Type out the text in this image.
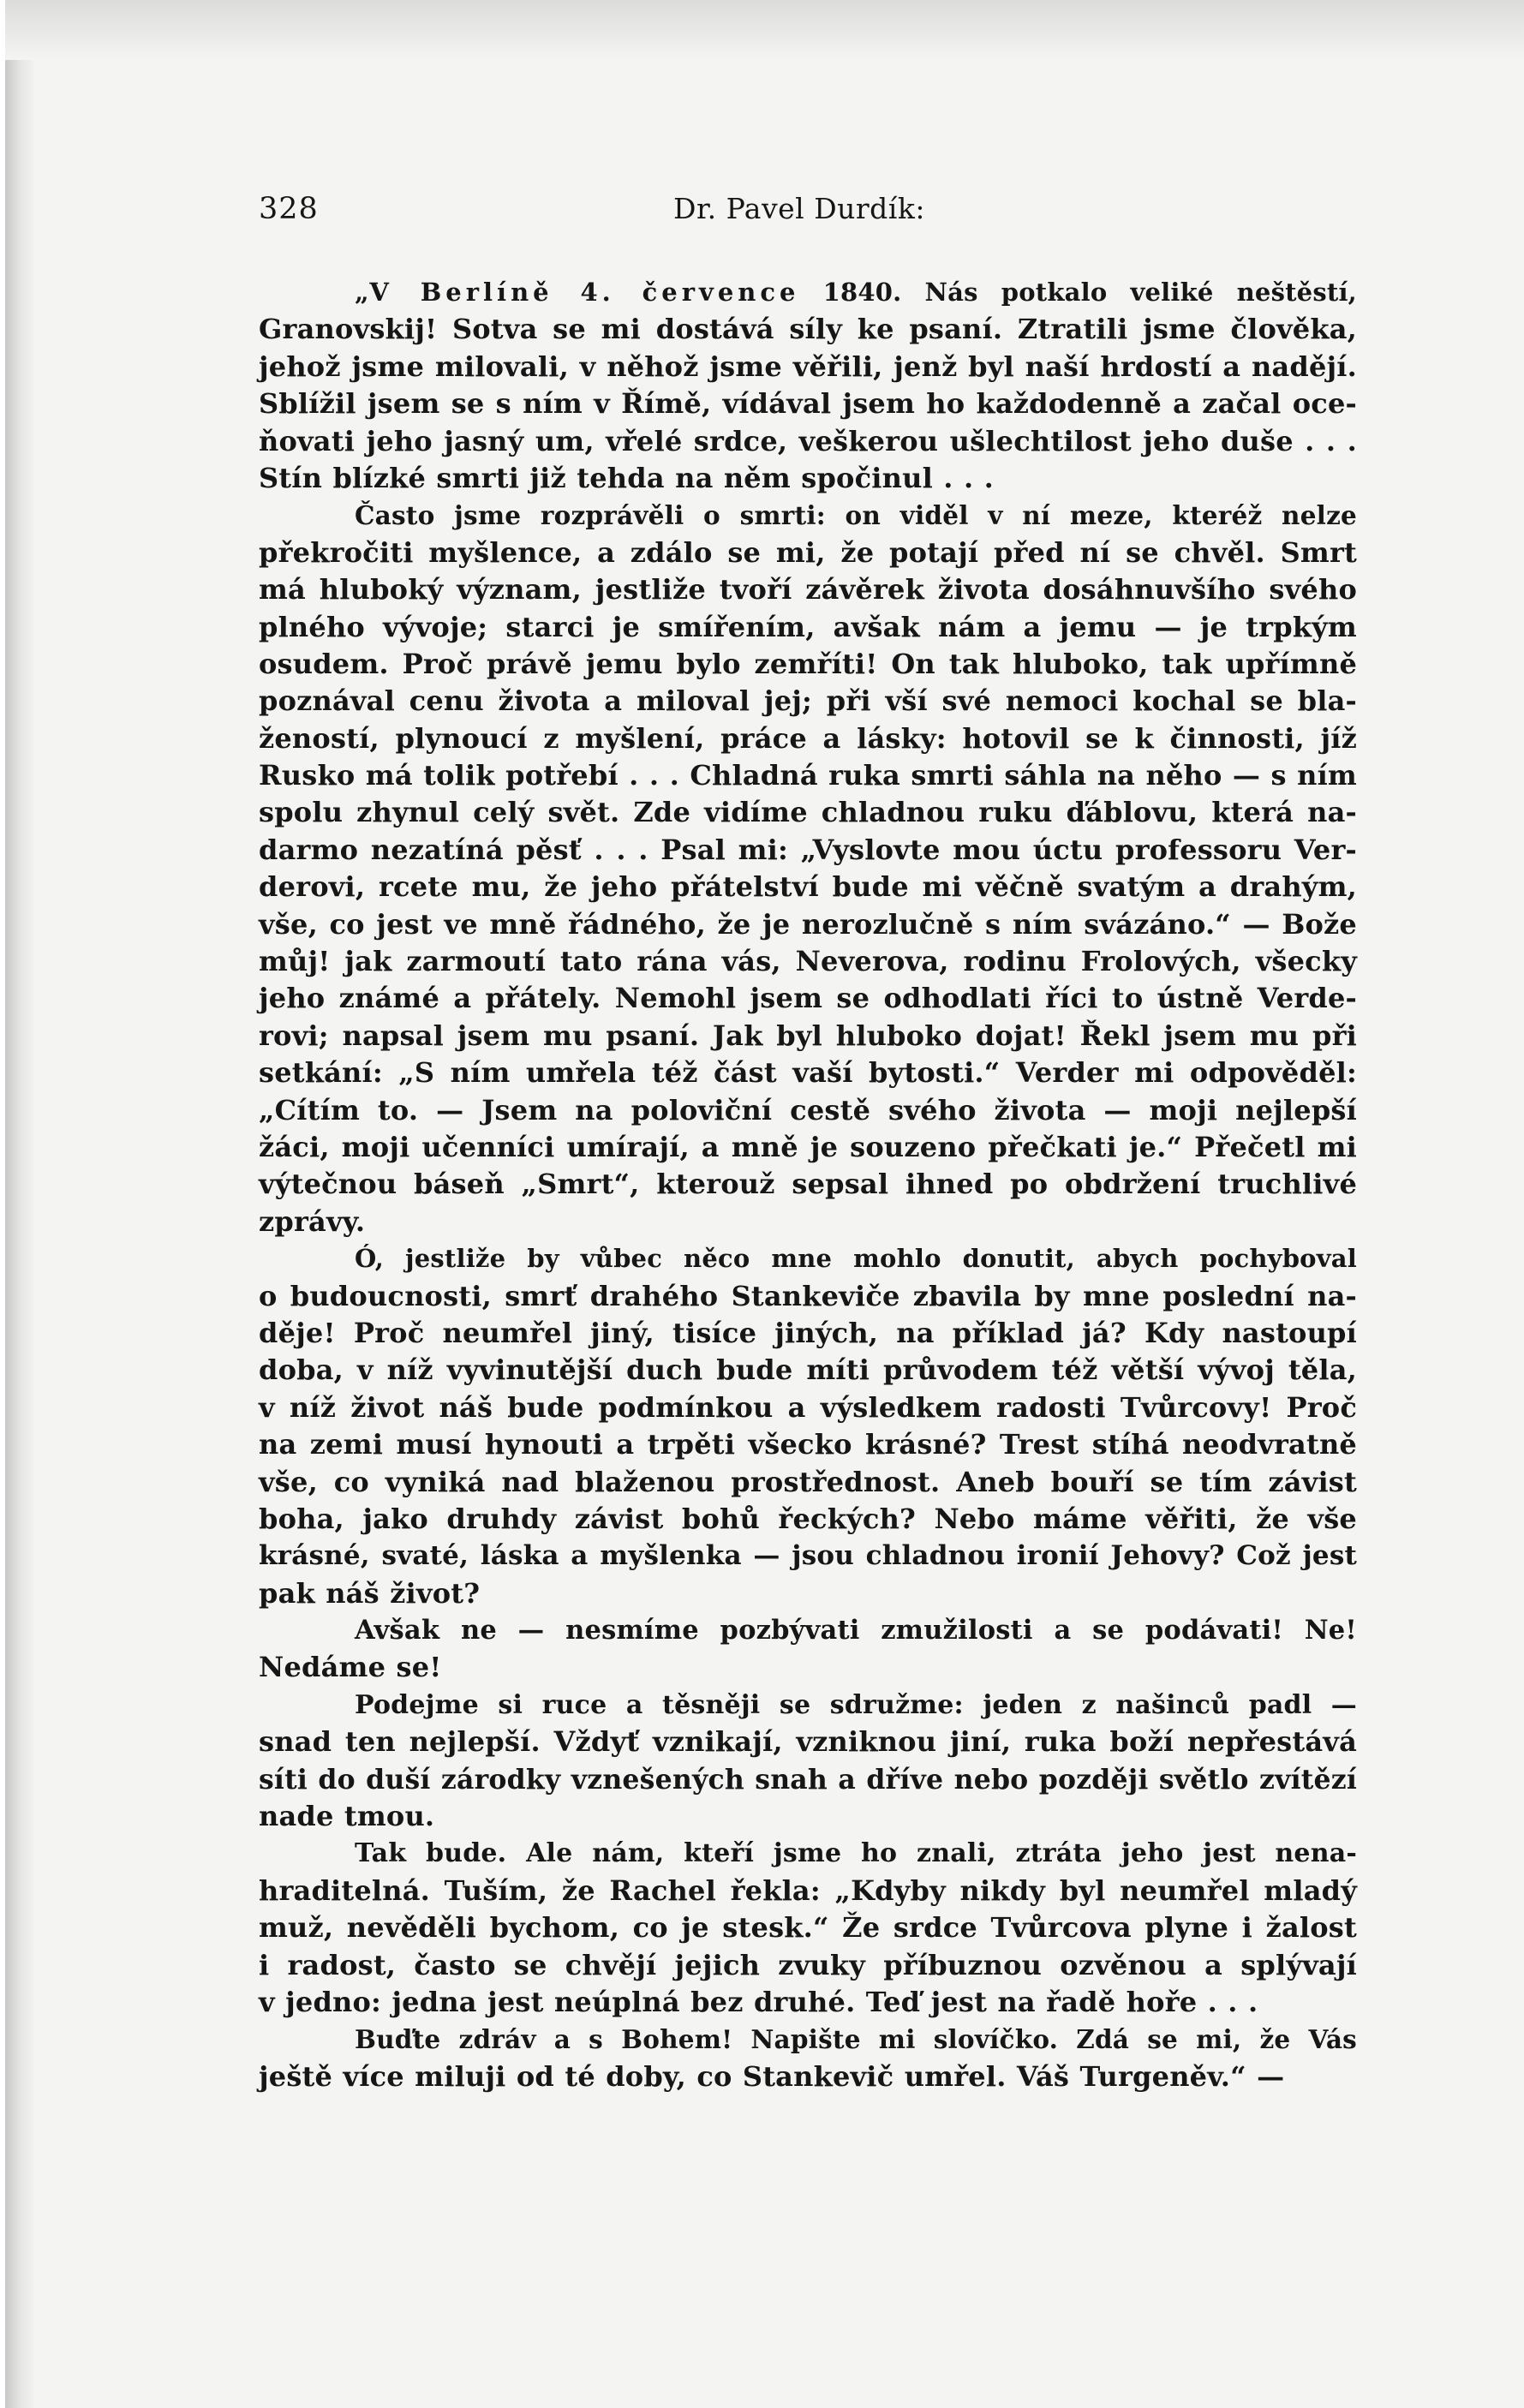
328	Dr. Pavel Durdík:
„V Berlíně 4. července 1840. Nás potkalo veliké neštěstí,
Granovskij! Sotva se mi dostává síly ke psaní. Ztratili jsme člověka,
jehož jsme milovali, v něhož jsme věřili, jenž byl naší hrdostí a nadějí.
Sblížil jsem se s ním v Římě, vídával jsem ho každodenně a začal oce-
ňovati jeho jasný um, vřelé srdce, veškerou ušlechtilost jeho duše . . .
Stín blízké smrti již tehda na něm spočinul . . .
Často jsme rozprávěli o smrti: on viděl v ní meze, kteréž nelze
překročiti myšlence, a zdálo se mi, že potají před ní se chvěl. Smrt
má hluboký význam, jestliže tvoří závěrek života dosáhnuvšího svého
plného vývoje; starci je smířením, avšak nám a jemu — je trpkým
osudem. Proč právě jemu bylo zemříti! On tak hluboko, tak upřímně
poznával cenu života a miloval jej; při vší své nemoci kochal se bla-
žeností, plynoucí z myšlení, práce a lásky: hotovil se k činnosti, jíž
Rusko má tolik potřebí . . . Chladná ruka smrti sáhla na něho — s ním
spolu zhynul celý svět. Zde vidíme chladnou ruku ďáblovu, která na-
darmo nezatíná pěsť . . . Psal mi: „Vyslovte mou úctu professoru Ver-
derovi, rcete mu, že jeho přátelství bude mi věčně svatým a drahým,
vše, co jest ve mně řádného, že je nerozlučně s ním svázáno.“ — Bože
můj! jak zarmoutí tato rána vás, Neverova, rodinu Frolových, všecky
jeho známé a přátely. Nemohl jsem se odhodlati říci to ústně Verde-
rovi; napsal jsem mu psaní. Jak byl hluboko dojat! Řekl jsem mu při
setkání: „S ním umřela též část vaší bytosti.“ Verder mi odpověděl:
„Cítím to. — Jsem na poloviční cestě svého života — moji nejlepší
žáci, moji učenníci umírají, a mně je souzeno přečkati je.“ Přečetl mi
výtečnou báseň „Smrt“, kterouž sepsal ihned po obdržení truchlivé
zprávy.
Ó, jestliže by vůbec něco mne mohlo donutit, abych pochyboval
o budoucnosti, smrť drahého Stankeviče zbavila by mne poslední na-
děje! Proč neumřel jiný, tisíce jiných, na příklad já? Kdy nastoupí
doba, v níž vyvinutější duch bude míti průvodem též větší vývoj těla,
v níž život náš bude podmínkou a výsledkem radosti Tvůrcovy! Proč
na zemi musí hynouti a trpěti všecko krásné? Trest stíhá neodvratně
vše, co vyniká nad blaženou prostřednost. Aneb bouří se tím závist
boha, jako druhdy závist bohů řeckých? Nebo máme věřiti, že vše
krásné, svaté, láska a myšlenka — jsou chladnou ironií Jehovy? Což jest
pak náš život?
Avšak ne — nesmíme pozbývati zmužilosti a se podávati! Ne!
Nedáme se!
Podejme si ruce a těsněji se sdružme: jeden z našinců padl —
snad ten nejlepší. Vždyť vznikají, vzniknou jiní, ruka boží nepřestává
síti do duší zárodky vznešených snah a dříve nebo později světlo zvítězí
nade tmou.
Tak bude. Ale nám, kteří jsme ho znali, ztráta jeho jest nena-
hraditelná. Tuším, že Rachel řekla: „Kdyby nikdy byl neumřel mladý
muž, nevěděli bychom, co je stesk.“ Že srdce Tvůrcova plyne i žalost
i radost, často se chvějí jejich zvuky příbuznou ozvěnou a splývají
v jedno: jedna jest neúplná bez druhé. Teď jest na řadě hoře . . .
Buďte zdráv a s Bohem! Napište mi slovíčko. Zdá se mi, že Vás
ještě více miluji od té doby, co Stankevič umřel. Váš Turgeněv.“ —
